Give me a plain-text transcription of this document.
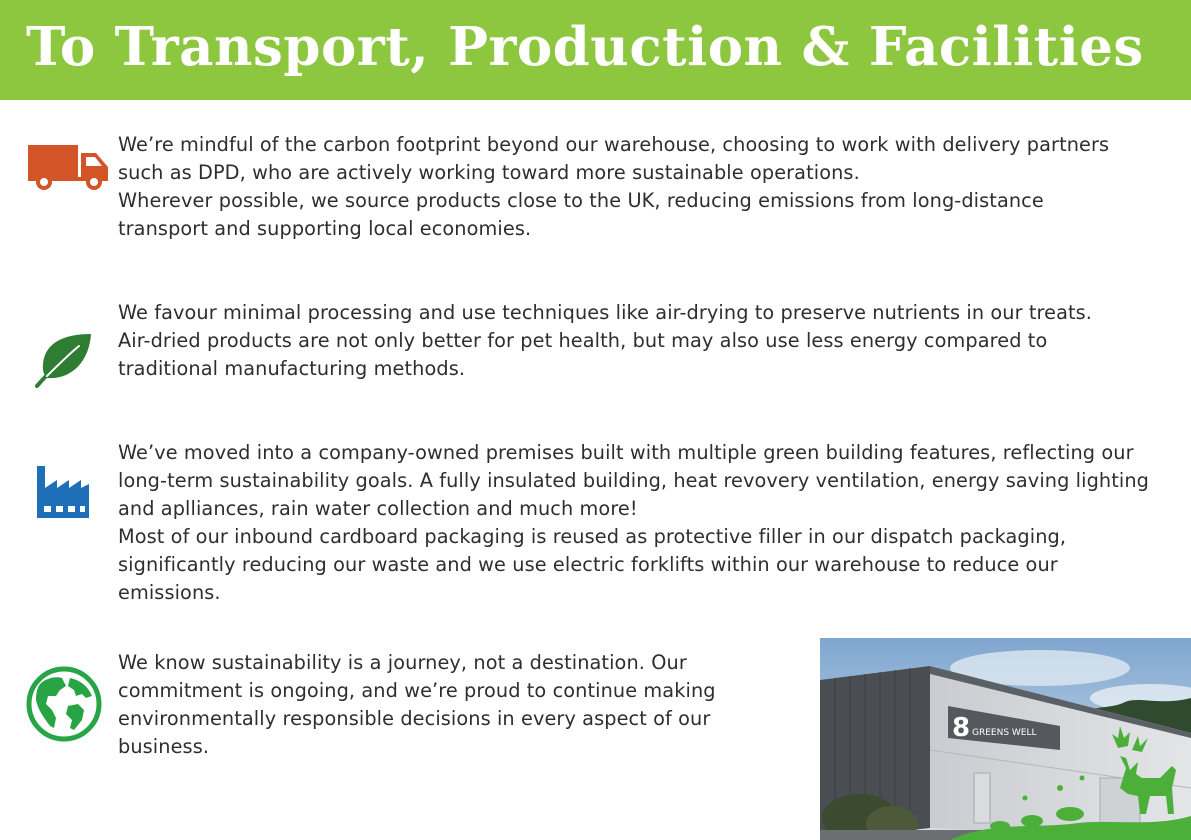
To Transport, Production & Facilities

We’re mindful of the carbon footprint beyond our warehouse, choosing to work with delivery partners
such as DPD, who are actively working toward more sustainable operations.
Wherever possible, we source products close to the UK, reducing emissions from long-distance
transport and supporting local economies.

We favour minimal processing and use techniques like air-drying to preserve nutrients in our treats.
Air-dried products are not only better for pet health, but may also use less energy compared to
traditional manufacturing methods.

We’ve moved into a company-owned premises built with multiple green building features, reflecting our
long-term sustainability goals. A fully insulated building, heat revovery ventilation, energy saving lighting
and aplliances, rain water collection and much more!
Most of our inbound cardboard packaging is reused as protective filler in our dispatch packaging,
significantly reducing our waste and we use electric forklifts within our warehouse to reduce our
emissions.

We know sustainability is a journey, not a destination. Our
commitment is ongoing, and we’re proud to continue making
environmentally responsible decisions in every aspect of our
business.

8 GREENS WELL
